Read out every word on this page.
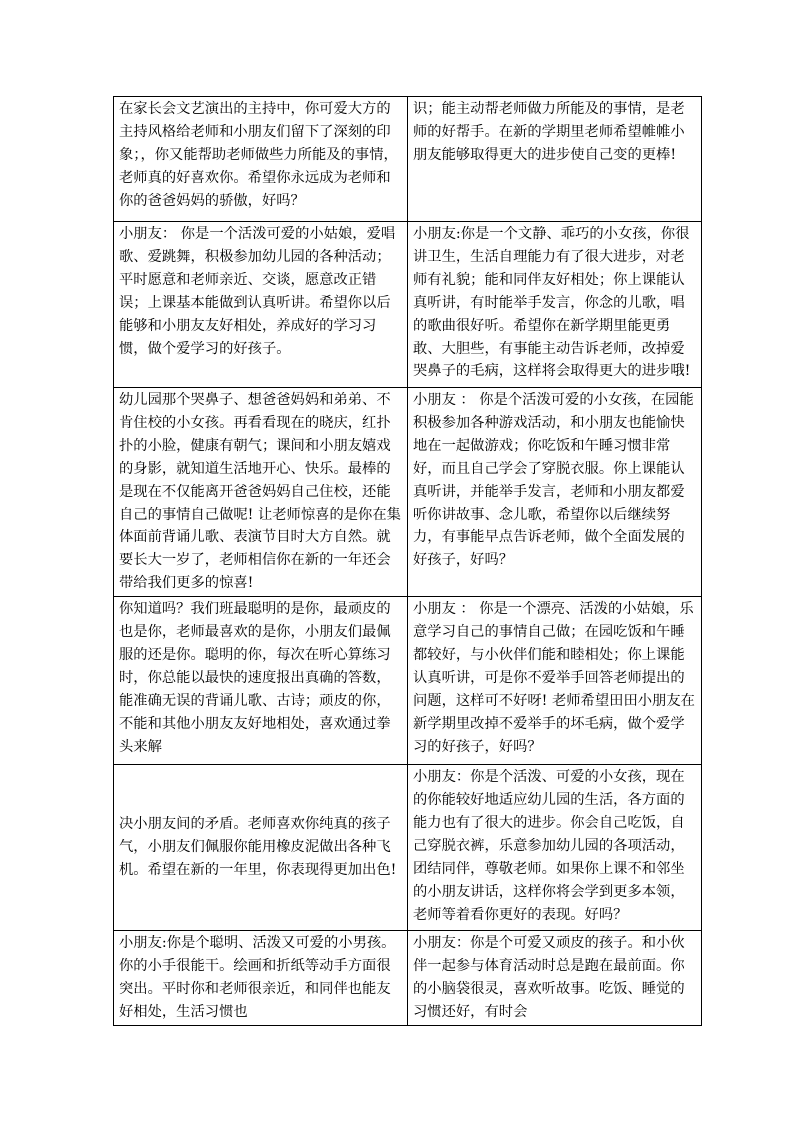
在家长会文艺演出的主持中，你可爱大方的主持风格给老师和小朋友们留下了深刻的印象；，你又能帮助老师做些力所能及的事情，老师真的好喜欢你。希望你永远成为老师和你的爸爸妈妈的骄傲，好吗？	识；能主动帮老师做力所能及的事情，是老师的好帮手。在新的学期里老师希望帷帷小朋友能够取得更大的进步使自己变的更棒!
小朋友： 你是一个活泼可爱的小姑娘，爱唱歌、爱跳舞，积极参加幼儿园的各种活动；平时愿意和老师亲近、交谈，愿意改正错误；上课基本能做到认真听讲。希望你以后能够和小朋友友好相处，养成好的学习习惯，做个爱学习的好孩子。	小朋友:你是一个文静、乖巧的小女孩，你很讲卫生，生活自理能力有了很大进步，对老师有礼貌；能和同伴友好相处；你上课能认真听讲，有时能举手发言，你念的儿歌，唱的歌曲很好听。希望你在新学期里能更勇敢、大胆些，有事能主动告诉老师，改掉爱哭鼻子的毛病，这样将会取得更大的进步哦!
幼儿园那个哭鼻子、想爸爸妈妈和弟弟、不肯住校的小女孩。再看看现在的晓庆，红扑扑的小脸，健康有朝气；课间和小朋友嬉戏的身影，就知道生活地开心、快乐。最棒的是现在不仅能离开爸爸妈妈自己住校，还能自己的事情自己做呢! 让老师惊喜的是你在集体面前背诵儿歌、表演节目时大方自然。就要长大一岁了，老师相信你在新的一年还会带给我们更多的惊喜!	小朋友 ： 你是个活泼可爱的小女孩，在园能积极参加各种游戏活动，和小朋友也能愉快地在一起做游戏；你吃饭和午睡习惯非常好，而且自己学会了穿脱衣服。你上课能认真听讲，并能举手发言，老师和小朋友都爱听你讲故事、念儿歌，希望你以后继续努力，有事能早点告诉老师，做个全面发展的好孩子，好吗？
你知道吗？我们班最聪明的是你，最顽皮的也是你，老师最喜欢的是你，小朋友们最佩服的还是你。聪明的你，每次在听心算练习时，你总能以最快的速度报出真确的答数，能准确无误的背诵儿歌、古诗；顽皮的你，不能和其他小朋友友好地相处，喜欢通过拳头来解	小朋友 ： 你是一个漂亮、活泼的小姑娘，乐意学习自己的事情自己做；在园吃饭和午睡都较好，与小伙伴们能和睦相处；你上课能认真听讲，可是你不爱举手回答老师提出的问题，这样可不好呀! 老师希望田田小朋友在新学期里改掉不爱举手的坏毛病，做个爱学习的好孩子，好吗？
决小朋友间的矛盾。老师喜欢你纯真的孩子气，小朋友们佩服你能用橡皮泥做出各种飞机。希望在新的一年里，你表现得更加出色!	小朋友：你是个活泼、可爱的小女孩，现在的你能较好地适应幼儿园的生活，各方面的能力也有了很大的进步。你会自己吃饭，自己穿脱衣裤，乐意参加幼儿园的各项活动，团结同伴，尊敬老师。如果你上课不和邻坐的小朋友讲话，这样你将会学到更多本领，老师等着看你更好的表现。好吗？
小朋友:你是个聪明、活泼又可爱的小男孩。你的小手很能干。绘画和折纸等动手方面很突出。平时你和老师很亲近，和同伴也能友好相处，生活习惯也	小朋友：你是个可爱又顽皮的孩子。和小伙伴一起参与体育活动时总是跑在最前面。你 的小脑袋很灵，喜欢听故事。吃饭、睡觉的习惯还好，有时会
